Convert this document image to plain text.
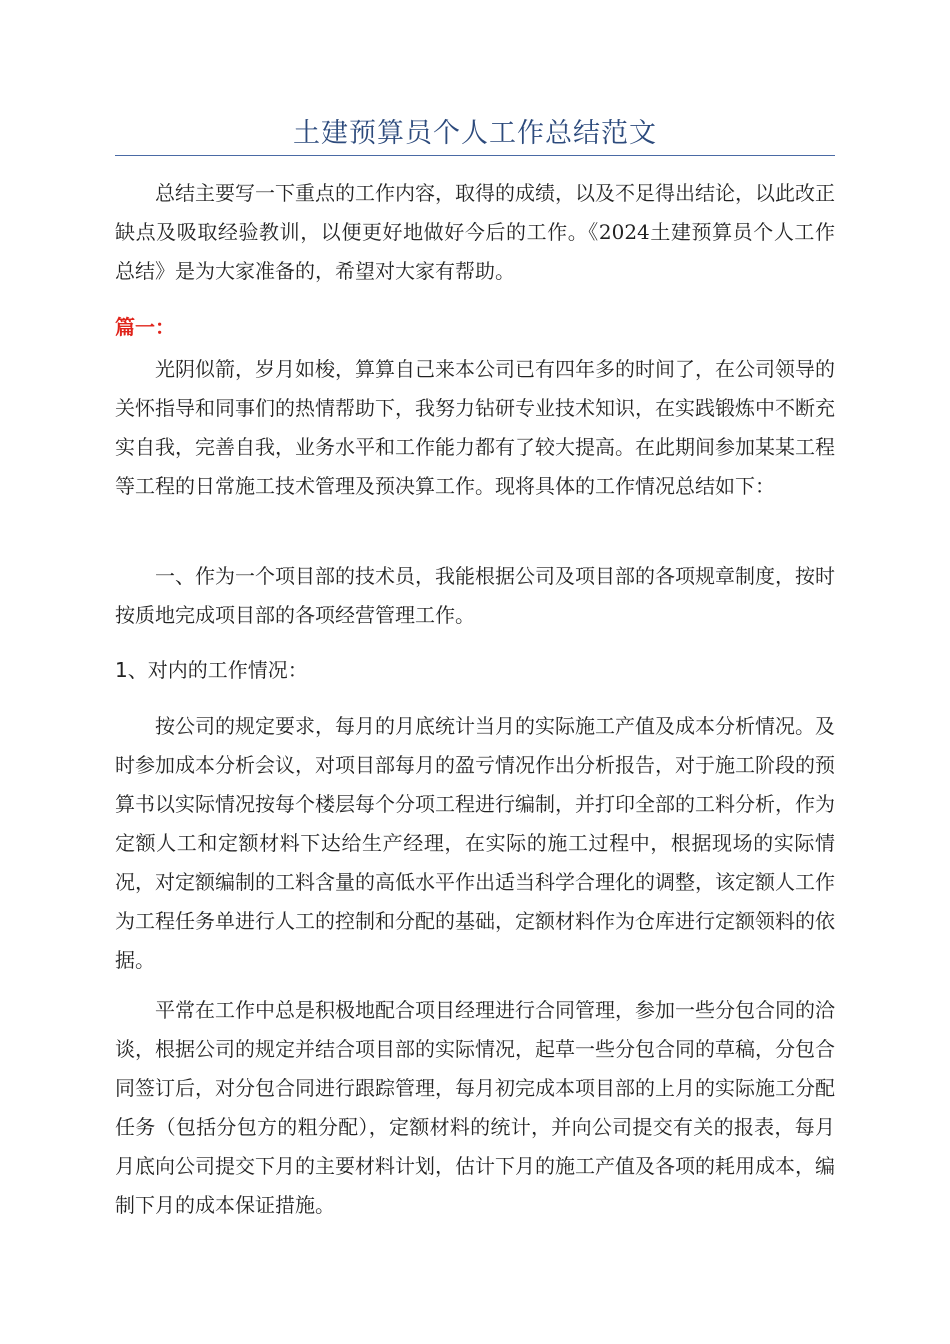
土建预算员个人工作总结范文

总结主要写一下重点的工作内容，取得的成绩，以及不足得出结论，以此改正缺点及吸取经验教训，以便更好地做好今后的工作。《2024土建预算员个人工作总结》是为大家准备的，希望对大家有帮助。

篇一：

光阴似箭，岁月如梭，算算自己来本公司已有四年多的时间了，在公司领导的关怀指导和同事们的热情帮助下，我努力钻研专业技术知识，在实践锻炼中不断充实自我，完善自我，业务水平和工作能力都有了较大提高。在此期间参加某某工程等工程的日常施工技术管理及预决算工作。现将具体的工作情况总结如下：

一、作为一个项目部的技术员，我能根据公司及项目部的各项规章制度，按时按质地完成项目部的各项经营管理工作。

1、对内的工作情况：

按公司的规定要求，每月的月底统计当月的实际施工产值及成本分析情况。及时参加成本分析会议，对项目部每月的盈亏情况作出分析报告，对于施工阶段的预算书以实际情况按每个楼层每个分项工程进行编制，并打印全部的工料分析，作为定额人工和定额材料下达给生产经理，在实际的施工过程中，根据现场的实际情况，对定额编制的工料含量的高低水平作出适当科学合理化的调整，该定额人工作为工程任务单进行人工的控制和分配的基础，定额材料作为仓库进行定额领料的依据。

平常在工作中总是积极地配合项目经理进行合同管理，参加一些分包合同的洽谈，根据公司的规定并结合项目部的实际情况，起草一些分包合同的草稿，分包合同签订后，对分包合同进行跟踪管理，每月初完成本项目部的上月的实际施工分配任务（包括分包方的粗分配），定额材料的统计，并向公司提交有关的报表，每月月底向公司提交下月的主要材料计划，估计下月的施工产值及各项的耗用成本，编制下月的成本保证措施。
